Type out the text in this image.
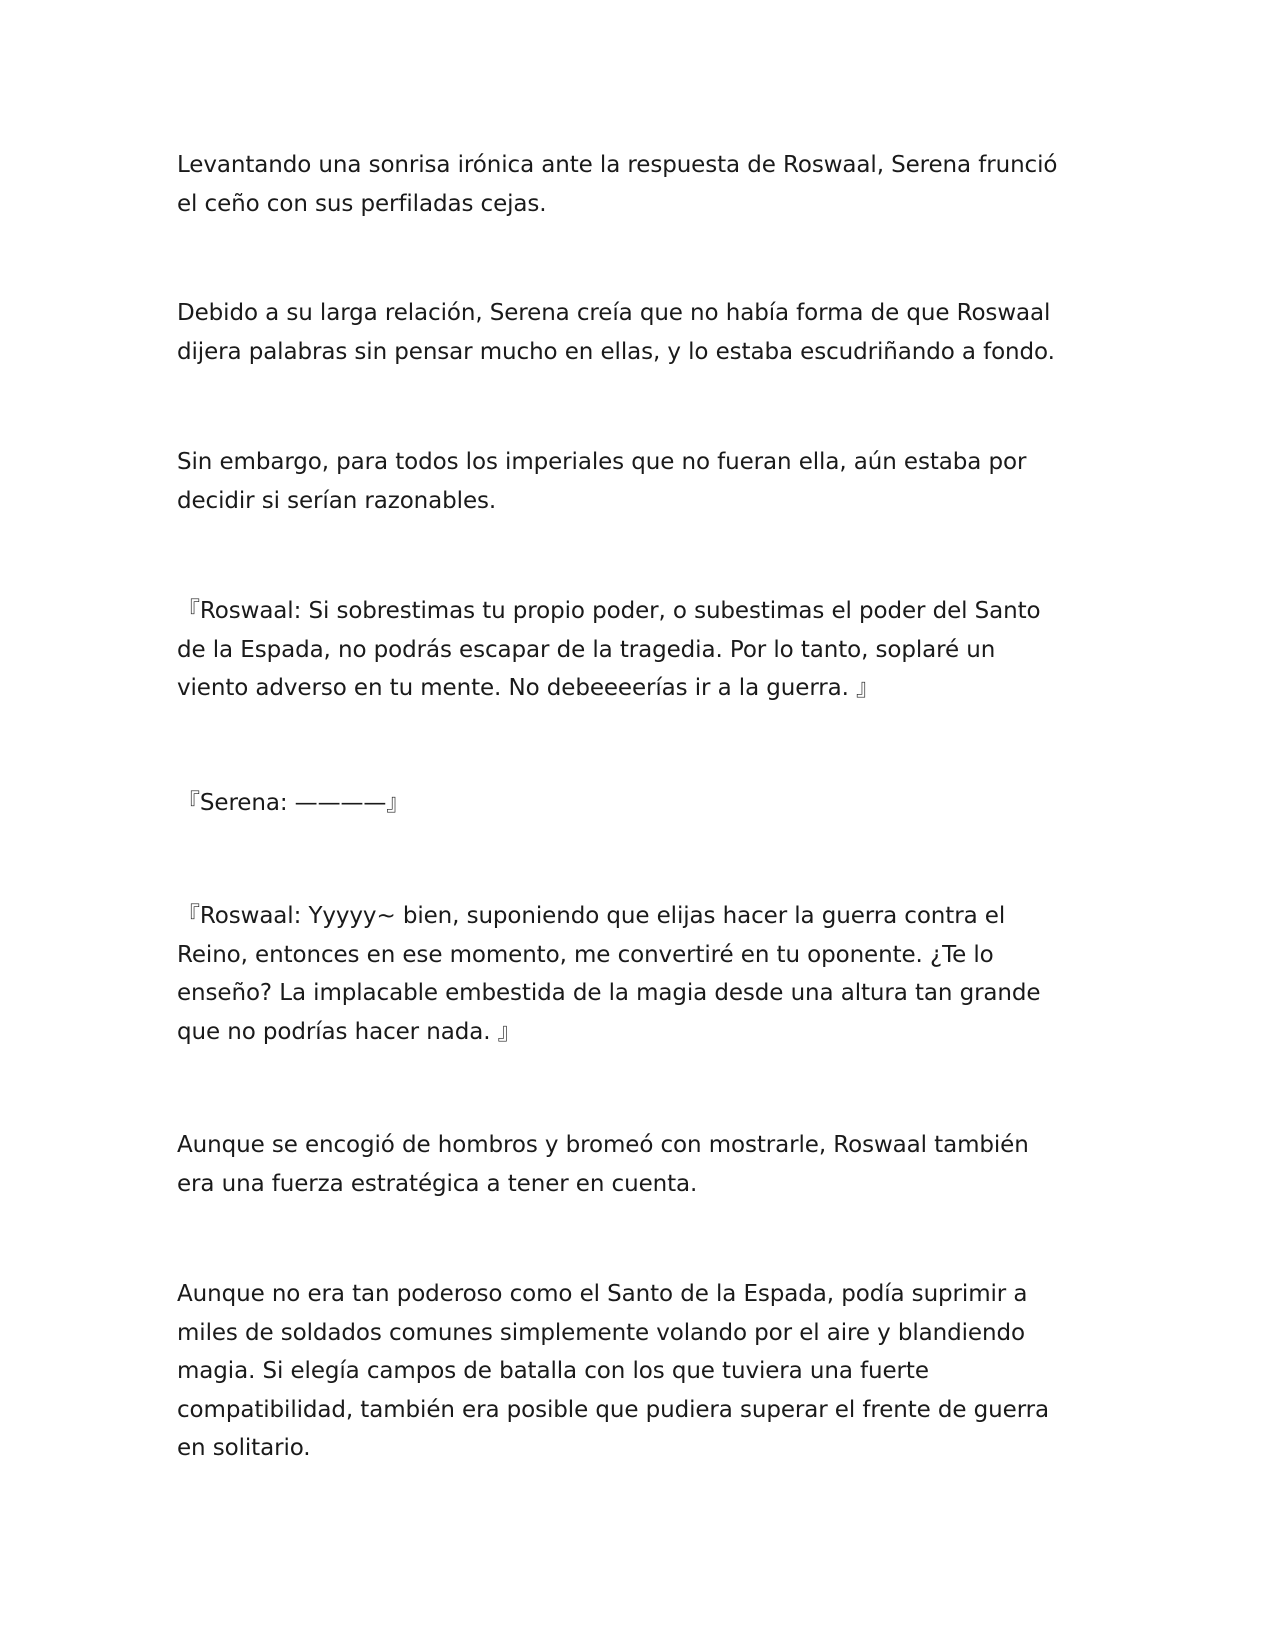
Levantando una sonrisa irónica ante la respuesta de Roswaal, Serena frunció
el ceño con sus perfiladas cejas.

Debido a su larga relación, Serena creía que no había forma de que Roswaal
dijera palabras sin pensar mucho en ellas, y lo estaba escudriñando a fondo.

Sin embargo, para todos los imperiales que no fueran ella, aún estaba por
decidir si serían razonables.

『Roswaal: Si sobrestimas tu propio poder, o subestimas el poder del Santo
de la Espada, no podrás escapar de la tragedia. Por lo tanto, soplaré un
viento adverso en tu mente. No debeeeerías ir a la guerra. 』

『Serena: ————』

『Roswaal: Yyyyy~ bien, suponiendo que elijas hacer la guerra contra el
Reino, entonces en ese momento, me convertiré en tu oponente. ¿Te lo
enseño? La implacable embestida de la magia desde una altura tan grande
que no podrías hacer nada. 』

Aunque se encogió de hombros y bromeó con mostrarle, Roswaal también
era una fuerza estratégica a tener en cuenta.

Aunque no era tan poderoso como el Santo de la Espada, podía suprimir a
miles de soldados comunes simplemente volando por el aire y blandiendo
magia. Si elegía campos de batalla con los que tuviera una fuerte
compatibilidad, también era posible que pudiera superar el frente de guerra
en solitario.
